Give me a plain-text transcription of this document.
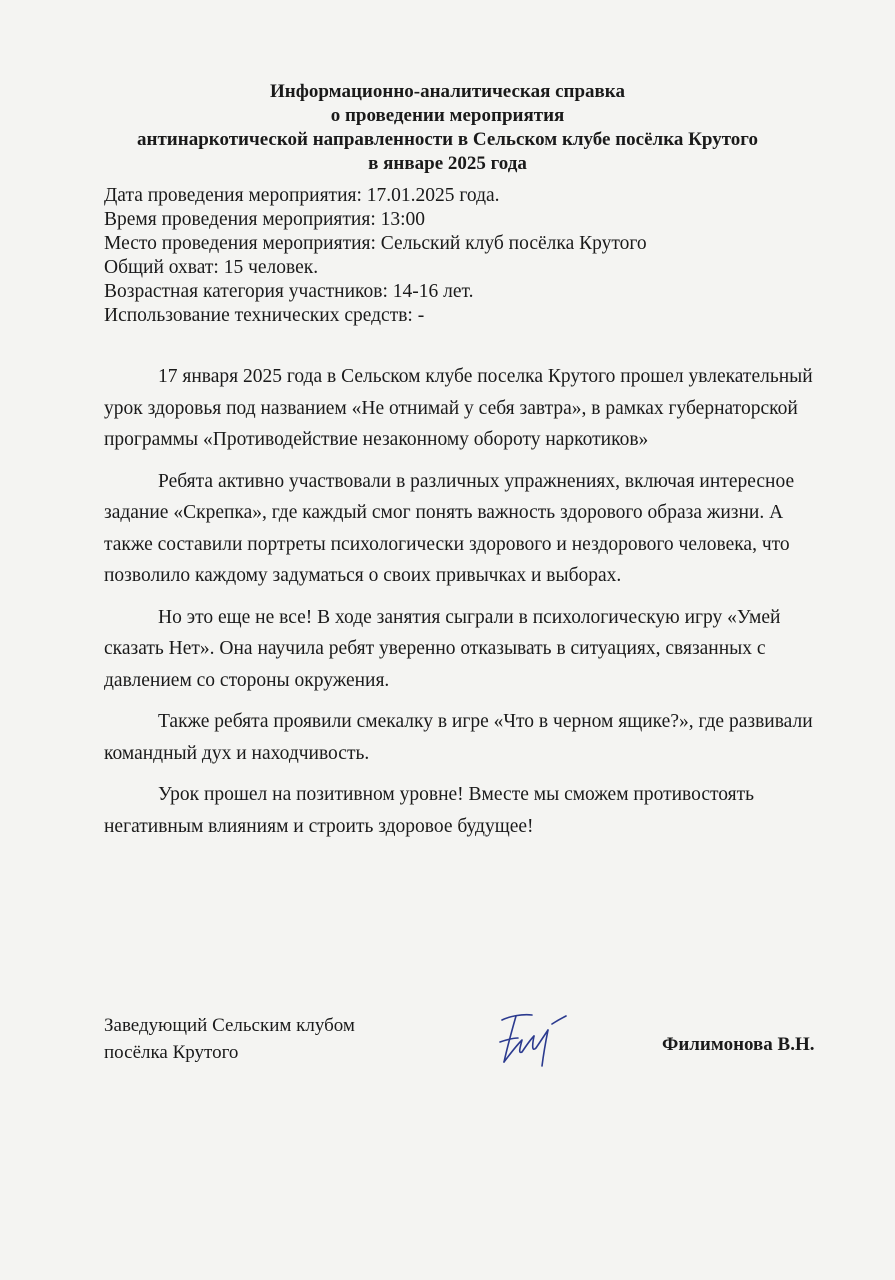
Информационно-аналитическая справка
о проведении мероприятия
антинаркотической направленности в Сельском клубе посёлка Крутого
в январе 2025 года
Дата проведения мероприятия: 17.01.2025 года.
Время проведения мероприятия: 13:00
Место проведения мероприятия: Сельский клуб посёлка Крутого
Общий охват: 15 человек.
Возрастная категория участников: 14-16 лет.
Использование технических средств: -

17 января 2025 года в Сельском клубе поселка Крутого прошел увлекательный урок здоровья под названием «Не отнимай у себя завтра», в рамках губернаторской программы «Противодействие незаконному обороту наркотиков»

Ребята активно участвовали в различных упражнениях, включая интересное задание «Скрепка», где каждый смог понять важность здорового образа жизни. А также составили портреты психологически здорового и нездорового человека, что позволило каждому задуматься о своих привычках и выборах.

Но это еще не все! В ходе занятия сыграли в психологическую игру «Умей сказать Нет». Она научила ребят уверенно отказывать в ситуациях, связанных с давлением со стороны окружения.

Также ребята проявили смекалку в игре «Что в черном ящике?», где развивали командный дух и находчивость.

Урок прошел на позитивном уровне! Вместе мы сможем противостоять негативным влияниям и строить здоровое будущее!

Заведующий Сельским клубом
посёлка Крутого	Филимонова В.Н.
